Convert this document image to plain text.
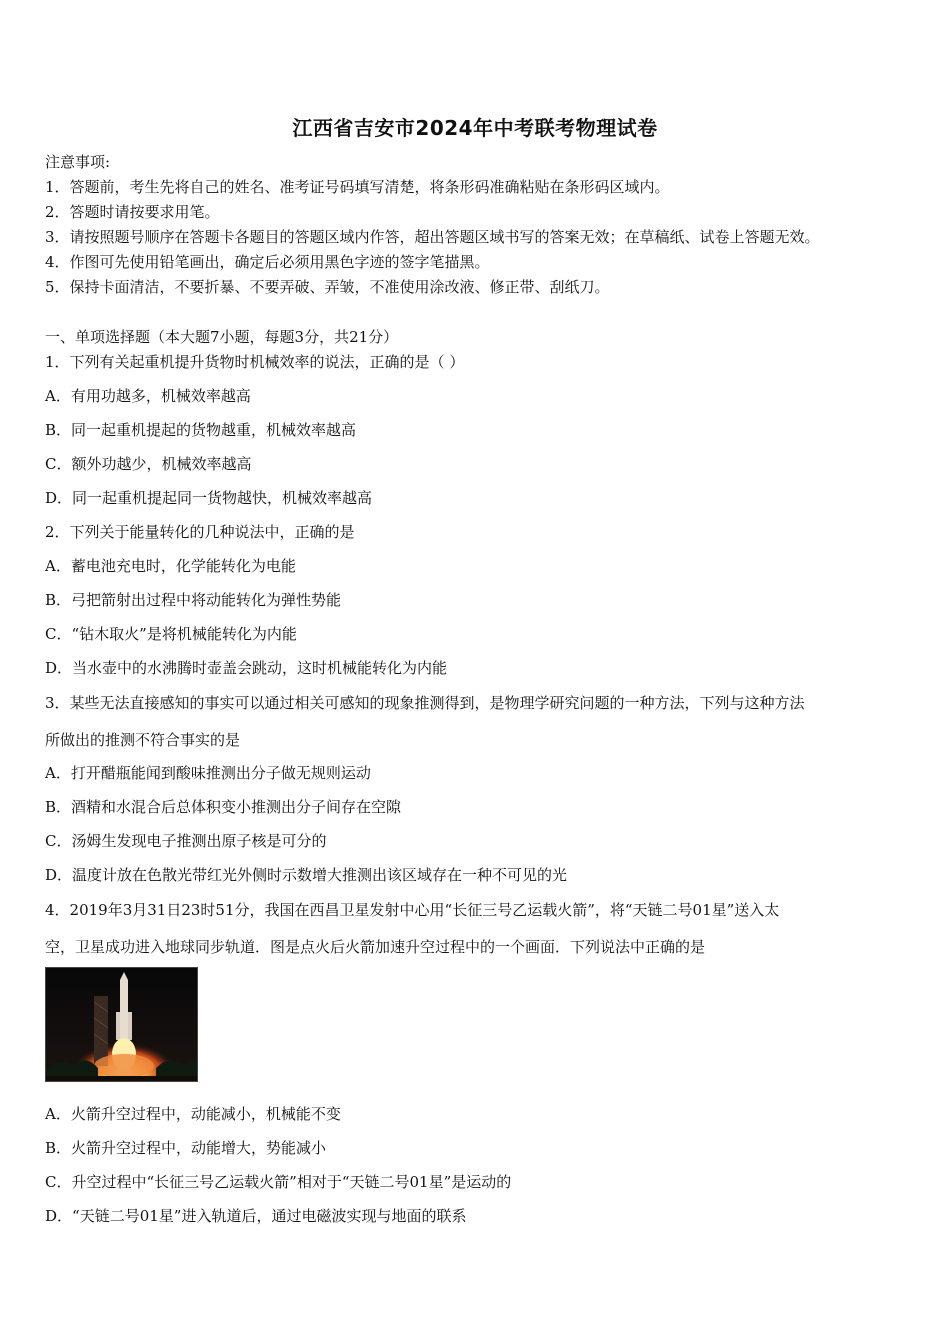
江西省吉安市2024年中考联考物理试卷
注意事项:
1．答题前，考生先将自己的姓名、准考证号码填写清楚，将条形码准确粘贴在条形码区域内。
2．答题时请按要求用笔。
3．请按照题号顺序在答题卡各题目的答题区域内作答，超出答题区域书写的答案无效；在草稿纸、试卷上答题无效。
4．作图可先使用铅笔画出，确定后必须用黑色字迹的签字笔描黑。
5．保持卡面清洁，不要折暴、不要弄破、弄皱，不准使用涂改液、修正带、刮纸刀。
一、单项选择题（本大题7小题，每题3分，共21分）
1．下列有关起重机提升货物时机械效率的说法，正确的是（ ）
A．有用功越多，机械效率越高
B．同一起重机提起的货物越重，机械效率越高
C．额外功越少，机械效率越高
D．同一起重机提起同一货物越快，机械效率越高
2．下列关于能量转化的几种说法中，正确的是
A．蓄电池充电时，化学能转化为电能
B．弓把箭射出过程中将动能转化为弹性势能
C．“钻木取火”是将机械能转化为内能
D．当水壶中的水沸腾时壶盖会跳动，这时机械能转化为内能
3．某些无法直接感知的事实可以通过相关可感知的现象推测得到，是物理学研究问题的一种方法，下列与这种方法
所做出的推测不符合事实的是
A．打开醋瓶能闻到酸味推测出分子做无规则运动
B．酒精和水混合后总体积变小推测出分子间存在空隙
C．汤姆生发现电子推测出原子核是可分的
D．温度计放在色散光带红光外侧时示数增大推测出该区域存在一种不可见的光
4．2019年3月31日23时51分，我国在西昌卫星发射中心用“长征三号乙运载火箭”，将“天链二号01星”送入太
空，卫星成功进入地球同步轨道．图是点火后火箭加速升空过程中的一个画面．下列说法中正确的是
A．火箭升空过程中，动能减小，机械能不变
B．火箭升空过程中，动能增大，势能减小
C．升空过程中“长征三号乙运载火箭”相对于“天链二号01星”是运动的
D．“天链二号01星”进入轨道后，通过电磁波实现与地面的联系
